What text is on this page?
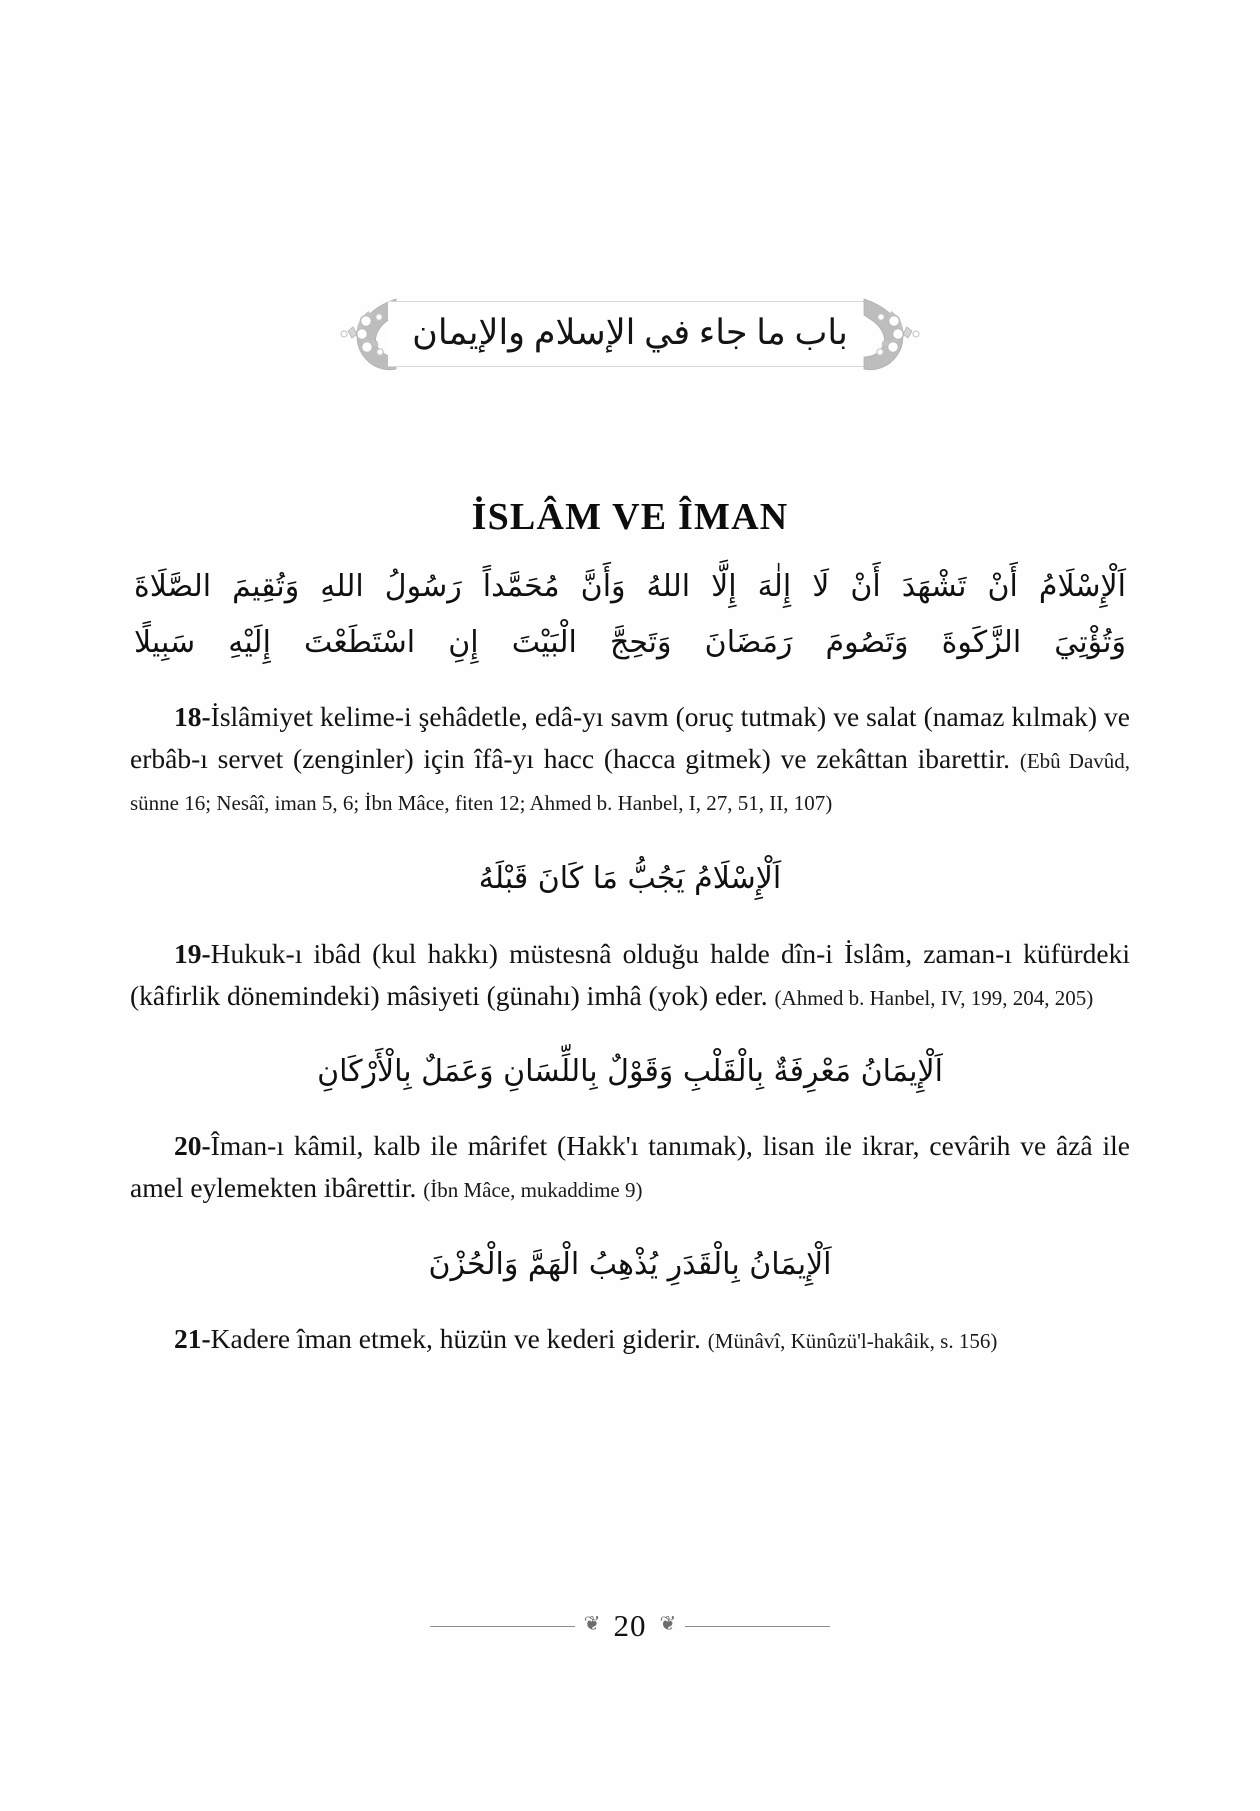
باب ما جاء في الإسلام والإيمان
İSLÂM VE ÎMAN
اَلْإِسْلَامُ أَنْ تَشْهَدَ أَنْ لَا إِلٰهَ إِلَّا اللهُ وَأَنَّ مُحَمَّداً رَسُولُ اللهِ وَتُقِيمَ الصَّلَاةَ
وَتُؤْتِيَ الزَّكَوةَ وَتَصُومَ رَمَضَانَ وَتَحِجَّ الْبَيْتَ إِنِ اسْتَطَعْتَ إِلَيْهِ سَبِيلًا

18-İslâmiyet kelime-i şehâdetle, edâ-yı savm (oruç tutmak) ve salat (namaz kılmak) ve erbâb-ı servet (zenginler) için îfâ-yı hacc (hacca gitmek) ve zekâttan ibarettir. (Ebû Davûd, sünne 16; Nesâî, iman 5, 6; İbn Mâce, fiten 12; Ahmed b. Hanbel, I, 27, 51, II, 107)

اَلْإِسْلَامُ يَجُبُّ مَا كَانَ قَبْلَهُ

19-Hukuk-ı ibâd (kul hakkı) müstesnâ olduğu halde dîn-i İslâm, zaman-ı küfürdeki (kâfirlik dönemindeki) mâsiyeti (günahı) imhâ (yok) eder. (Ahmed b. Hanbel, IV, 199, 204, 205)

اَلْإِيمَانُ مَعْرِفَةٌ بِالْقَلْبِ وَقَوْلٌ بِاللِّسَانِ وَعَمَلٌ بِالْأَرْكَانِ

20-Îman-ı kâmil, kalb ile mârifet (Hakk'ı tanımak), lisan ile ikrar, cevârih ve âzâ ile amel eylemekten ibârettir. (İbn Mâce, mukaddime 9)

اَلْإِيمَانُ بِالْقَدَرِ يُذْهِبُ الْهَمَّ وَالْحُزْنَ

21-Kadere îman etmek, hüzün ve kederi giderir. (Münâvî, Künûzü'l-hakâik, s. 156)

❦ 20 ❦
